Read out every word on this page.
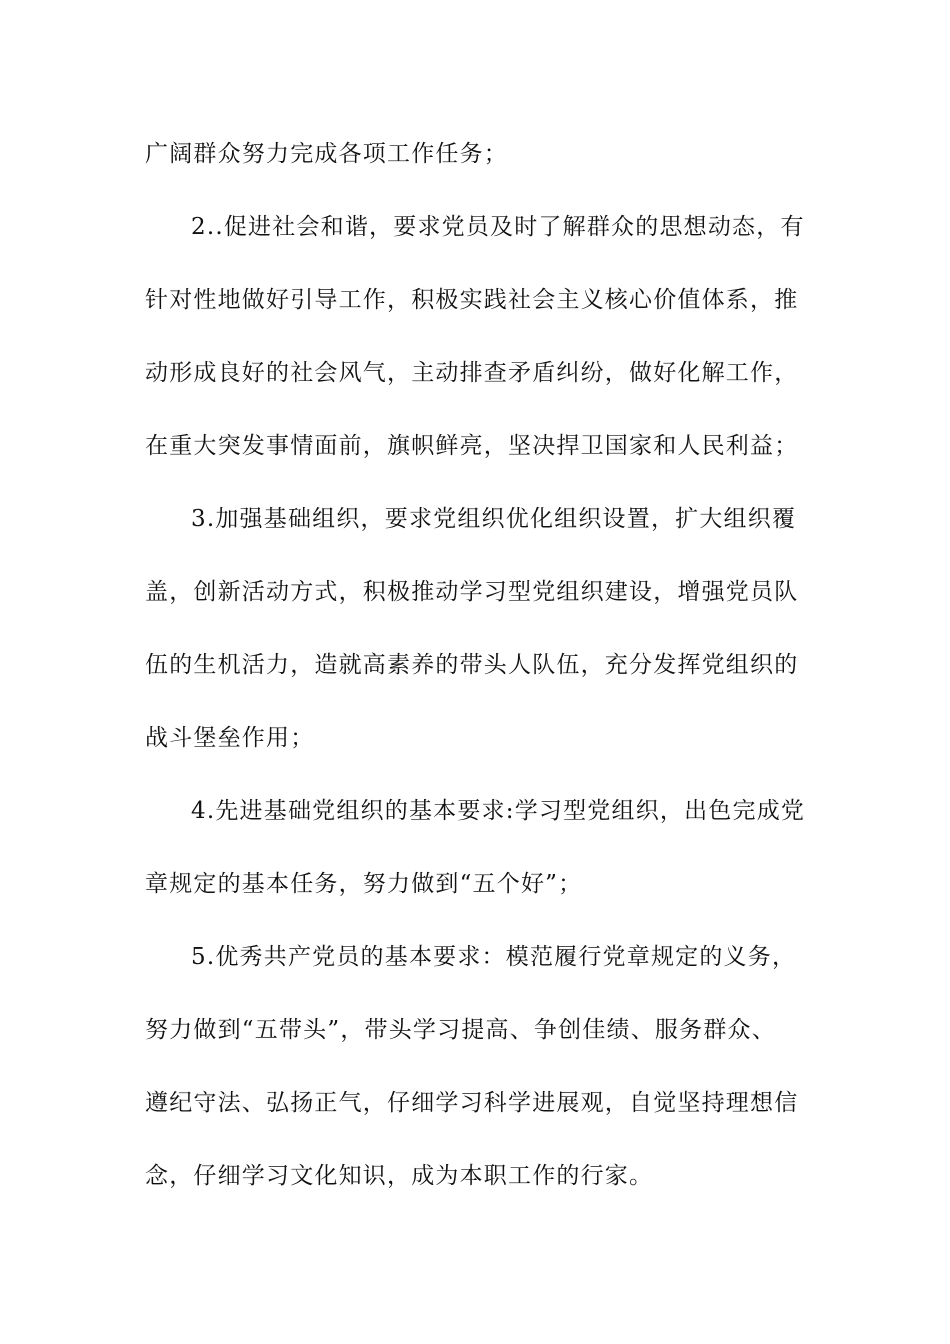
广阔群众努力完成各项工作任务；
2..促进社会和谐，要求党员及时了解群众的思想动态，有
针对性地做好引导工作，积极实践社会主义核心价值体系，推
动形成良好的社会风气，主动排查矛盾纠纷，做好化解工作，
在重大突发事情面前，旗帜鲜亮，坚决捍卫国家和人民利益；
3.加强基础组织，要求党组织优化组织设置，扩大组织覆
盖，创新活动方式，积极推动学习型党组织建设，增强党员队
伍的生机活力，造就高素养的带头人队伍，充分发挥党组织的
战斗堡垒作用；
4.先进基础党组织的基本要求:学习型党组织，出色完成党
章规定的基本任务，努力做到“五个好”；
5.优秀共产党员的基本要求：模范履行党章规定的义务，
努力做到“五带头”，带头学习提高、争创佳绩、服务群众、
遵纪守法、弘扬正气，仔细学习科学进展观，自觉坚持理想信
念，仔细学习文化知识，成为本职工作的行家。
